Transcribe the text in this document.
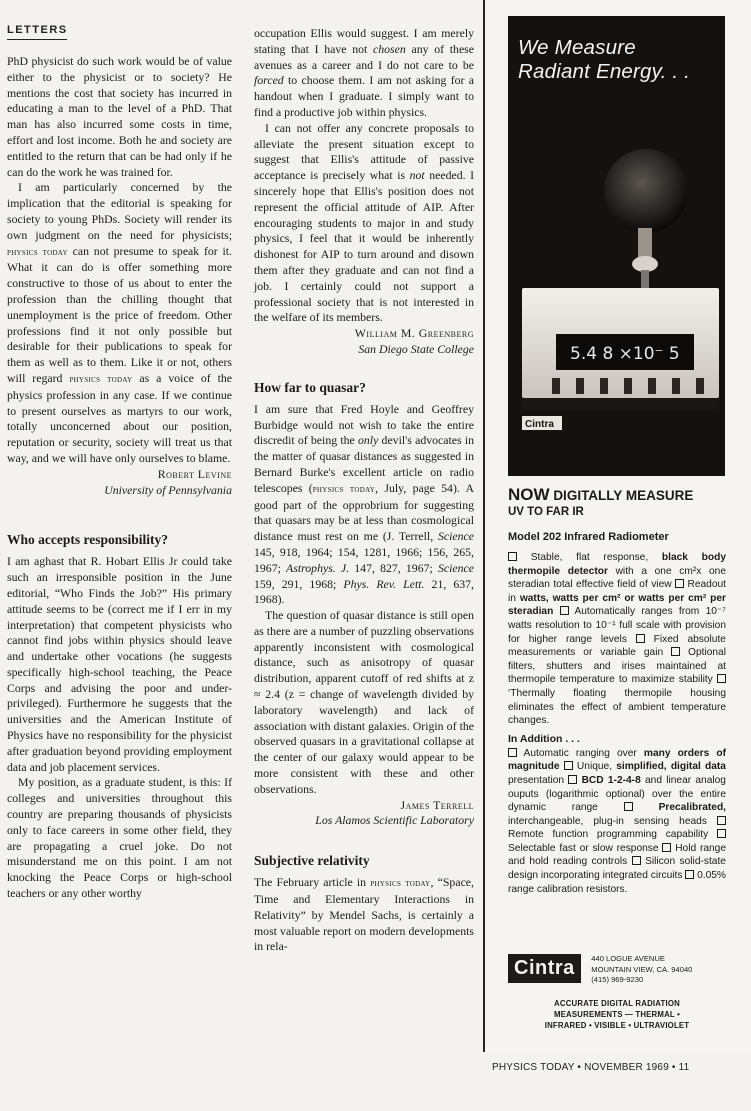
LETTERS

PhD physicist do such work would be of value either to the physicist or to society? He mentions the cost that society has incurred in educating a man to the level of a PhD. That man has also incurred some costs in time, effort and lost income. Both he and society are entitled to the return that can be had only if he can do the work he was trained for.

I am particularly concerned by the implication that the editorial is speaking for society to young PhDs. Society will render its own judgment on the need for physicists; physics today can not presume to speak for it. What it can do is offer something more constructive to those of us about to enter the profession than the chilling thought that unemployment is the price of freedom. Other professions find it not only possible but desirable for their publications to speak for them as well as to them. Like it or not, others will regard physics today as a voice of the physics profession in any case. If we continue to present ourselves as martyrs to our work, totally unconcerned about our position, reputation or security, society will treat us that way, and we will have only ourselves to blame.

Robert Levine

University of Pennsylvania

Who accepts responsibility?

I am aghast that R. Hobart Ellis Jr could take such an irresponsible position in the June editorial, “Who Finds the Job?” His primary attitude seems to be (correct me if I err in my interpretation) that competent physicists who cannot find jobs within physics should leave and undertake other vocations (he suggests specifically high-school teaching, the Peace Corps and advising the poor and under-privileged). Furthermore he suggests that the universities and the American Institute of Physics have no responsibility for the physicist after graduation beyond providing employment data and job placement services.

My position, as a graduate student, is this: If colleges and universities throughout this country are preparing thousands of physicists only to face careers in some other field, they are propagating a cruel joke. Do not misunderstand me on this point. I am not knocking the Peace Corps or high-school teachers or any other worthy

occupation Ellis would suggest. I am merely stating that I have not chosen any of these avenues as a career and I do not care to be forced to choose them. I am not asking for a handout when I graduate. I simply want to find a productive job within physics.

I can not offer any concrete proposals to alleviate the present situation except to suggest that Ellis's attitude of passive acceptance is precisely what is not needed. I sincerely hope that Ellis's position does not represent the official attitude of AIP. After encouraging students to major in and study physics, I feel that it would be inherently dishonest for AIP to turn around and disown them after they graduate and can not find a job. I certainly could not support a professional society that is not interested in the welfare of its members.

William M. Greenberg

San Diego State College

How far to quasar?

I am sure that Fred Hoyle and Geoffrey Burbidge would not wish to take the entire discredit of being the only devil's advocates in the matter of quasar distances as suggested in Bernard Burke's excellent article on radio telescopes (physics today, July, page 54). A good part of the opprobrium for suggesting that quasars may be at less than cosmological distance must rest on me (J. Terrell, Science 145, 918, 1964; 154, 1281, 1966; 156, 265, 1967; Astrophys. J. 147, 827, 1967; Science 159, 291, 1968; Phys. Rev. Lett. 21, 637, 1968).

The question of quasar distance is still open as there are a number of puzzling observations apparently inconsistent with cosmological distance, such as anisotropy of quasar distribution, apparent cutoff of red shifts at z ≈ 2.4 (z = change of wavelength divided by laboratory wavelength) and lack of association with distant galaxies. Origin of the observed quasars in a gravitational collapse at the center of our galaxy would appear to be more consistent with these and other observations.

James Terrell

Los Alamos Scientific Laboratory

Subjective relativity

The February article in physics today, “Space, Time and Elementary Interactions in Relativity” by Mendel Sachs, is certainly a most valuable report on modern developments in rela-

We Measure
Radiant Energy. . .

5.4 8 ×10⁻ 5
Cintra

NOW DIGITALLY MEASURE

UV TO FAR IR

Model 202 Infrared Radiometer

Stable, flat response, black body thermopile detector with a one cm²x one steradian total effective field of view Readout in watts, watts per cm² or watts per cm² per steradian Automatically ranges from 10⁻⁷ watts resolution to 10⁻¹ full scale with provision for higher range levels	Fixed absolute measurements or variable gain Optional filters, shutters and irises maintained at thermopile temperature to maximize stability  ‘Thermally floating thermopile housing eliminates the effect of ambient temperature changes.

In Addition . . .

Automatic ranging over many orders of magnitude Unique, simplified, digital data presentation BCD 1-2-4-8 and linear analog ouputs (logarithmic optional) over the entire dynamic range	Precalibrated, interchangeable, plug-in sensing heads  Remote function programming capability  Selectable fast or slow response Hold range and hold reading controls Silicon solid-state design incorporating integrated circuits 0.05% range calibration resistors.

Cintra 440 LOGUE AVENUE
MOUNTAIN VIEW, CA. 94040
(415) 969-9230
ACCURATE DIGITAL RADIATION
MEASUREMENTS — THERMAL •
INFRARED • VISIBLE • ULTRAVIOLET
PHYSICS TODAY • NOVEMBER 1969 • 11
